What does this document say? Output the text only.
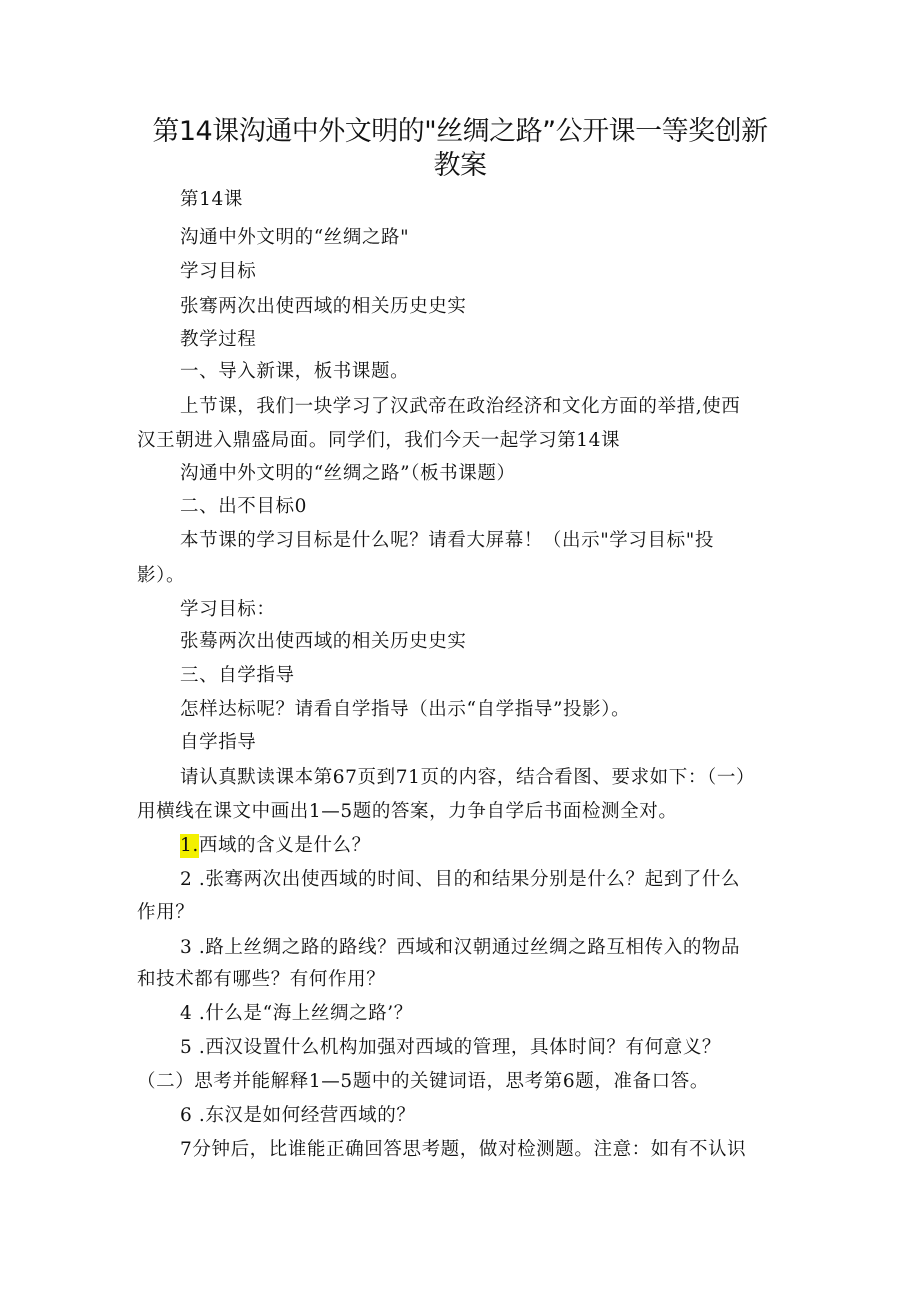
第14课沟通中外文明的"丝绸之路”公开课一等奖创新
教案
第14课
沟通中外文明的“丝绸之路"
学习目标
张骞两次出使西域的相关历史史实
教学过程
一、导入新课，板书课题。
上节课，我们一块学习了汉武帝在政治经济和文化方面的举措,使西
汉王朝进入鼎盛局面。同学们，我们今天一起学习第14课
沟通中外文明的“丝绸之路”（板书课题）
二、出不目标0
本节课的学习目标是什么呢？请看大屏幕！（出示"学习目标"投
影）。
学习目标：
张蓦两次出使西域的相关历史史实
三、自学指导
怎样达标呢？请看自学指导（出示“自学指导”投影）。
自学指导
请认真默读课本第67页到71页的内容，结合看图、要求如下：（一）
用横线在课文中画出1—5题的答案，力争自学后书面检测全对。
1.西域的含义是什么？
2 .张骞两次出使西域的时间、目的和结果分别是什么？起到了什么
作用？
3 .路上丝绸之路的路线？西域和汉朝通过丝绸之路互相传入的物品
和技术都有哪些？有何作用？
4 .什么是“海上丝绸之路’？
5 .西汉设置什么机构加强对西域的管理，具体时间？有何意义？
（二）思考并能解释1—5题中的关键词语，思考第6题，准备口答。
6 .东汉是如何经营西域的？
7分钟后，比谁能正确回答思考题，做对检测题。注意：如有不认识
